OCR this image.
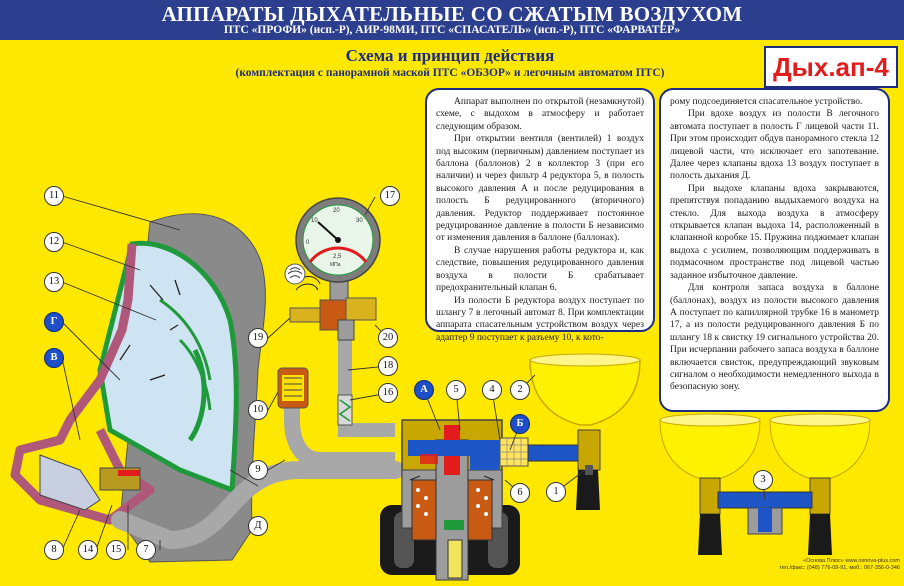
АППАРАТЫ ДЫХАТЕЛЬНЫЕ СО СЖАТЫМ ВОЗДУХОМ
ПТС «ПРОФИ» (исп.-Р), АИР-98МИ, ПТС «СПАСАТЕЛЬ» (исп.-Р), ПТС «ФАРВАТЕР»
Схема и принцип действия
(комплектация с панорамной маской ПТС «ОБЗОР» и легочным автоматом ПТС)	Дых.ап-4
0
10
20
30
2,5
МПа
11
12
13
Г
В
17
19	20
18
10
16
9
А	5	4	2
Б
6	1
Д
8	14	15	7
3

Аппарат выполнен по открытой (незамкнутой) схеме, с выдохом в атмосферу и работает следующим образом.

При открытии вентиля (вентилей) 1 воздух под высоким (первичным) давлением поступает из баллона (баллонов) 2 в коллектор 3 (при его наличии) и через фильтр 4 редуктора 5, в полость высокого давления А и после редуцирования в полость Б редуцированного (вторичного) давления. Редуктор поддерживает постоянное редуцированное давление в полости Б независимо от изменения давления в баллоне (баллонах).

В случае нарушения работы редуктора и, как следствие, повышения редуцированного давления воздуха в полости Б срабатывает предохранительный клапан 6.

Из полости Б редуктора воздух поступает по шлангу 7 в легочный автомат 8. При комплектации аппарата спасательным устройством воздух через адаптер 9 поступает к разъему 10, к кото-

рому подсоединяется спасательное устройство.

При вдохе воздух из полости В легочного автомата поступает в полость Г лицевой части 11. При этом происходит обдув панорамного стекла 12 лицевой части, что исключает его запотевание. Далее через клапаны вдоха 13 воздух поступает в полость дыхания Д.

При выдохе клапаны вдоха закрываются, препятствуя попаданию выдыхаемого воздуха на стекло. Для выхода воздуха в атмосферу открывается клапан выдоха 14, расположенный в клапанной коробке 15. Пружина поджимает клапан выдоха с усилием, позволяющим поддерживать в подмасочном пространстве под лицевой частью заданное избыточное давление.

Для контроля запаса воздуха в баллоне (баллонах), воздух из полости высокого давления А поступает по капиллярной трубке 16 в манометр 17, а из полости редуцированного давления Б по шлангу 18 к свистку 19 сигнального устройства 20. При исчерпании рабочего запаса воздуха в баллоне включается свисток, предупреждающий звуковым сигналом о необходимости немедленного выхода в безопасную зону.

«Основа Плюс» www.osnova-plus.com
тел./факс: (048) 776-09-91, моб.: 067-356-0-346
